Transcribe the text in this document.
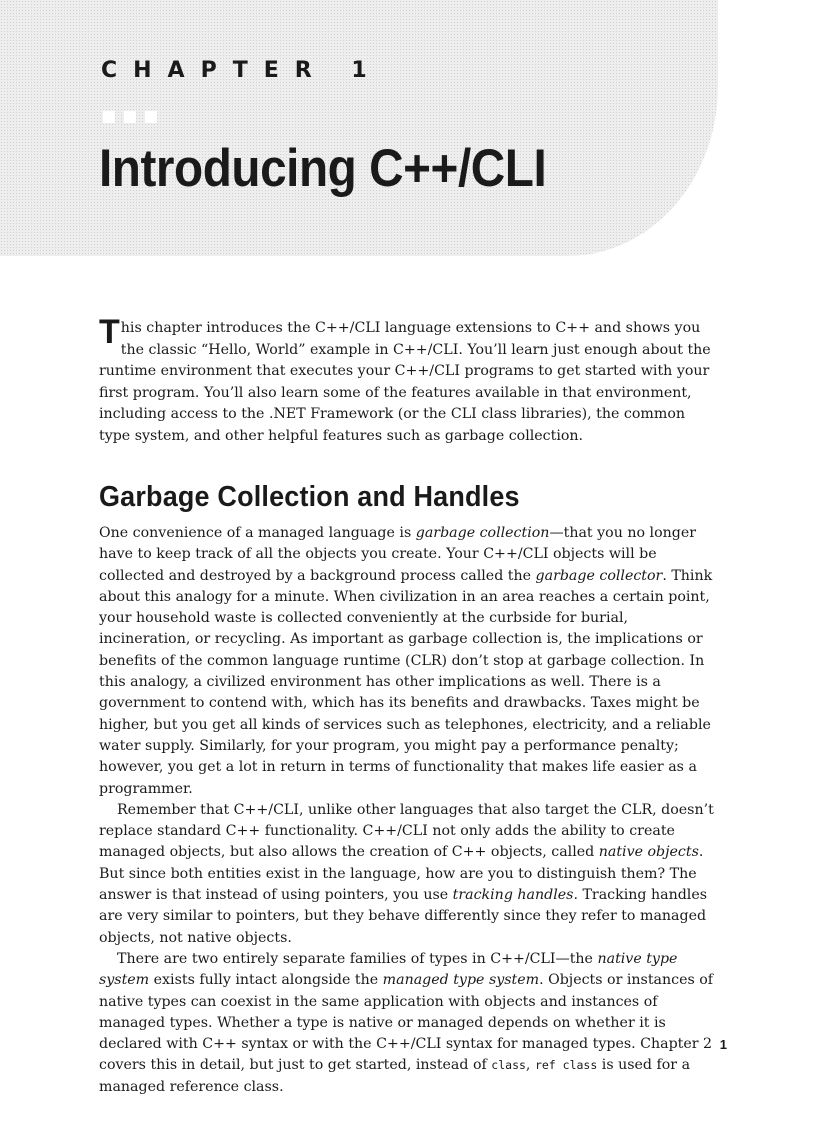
CHAPTER 1
Introducing C++/CLI

This chapter introduces the C++/CLI language extensions to C++ and shows you the classic “Hello, World” example in C++/CLI. You’ll learn just enough about the runtime environment that executes your C++/CLI programs to get started with your first program. You’ll also learn some of the features available in that environment, including access to the .NET Framework (or the CLI class libraries), the common type system, and other helpful features such as garbage collection.

Garbage Collection and Handles

One convenience of a managed language is garbage collection—that you no longer have to keep track of all the objects you create. Your C++/CLI objects will be collected and destroyed by a background process called the garbage collector. Think about this analogy for a minute. When civilization in an area reaches a certain point, your household waste is collected conveniently at the curbside for burial, incineration, or recycling. As important as garbage collection is, the implications or benefits of the common language runtime (CLR) don’t stop at garbage collection. In this analogy, a civilized environment has other implications as well. There is a government to contend with, which has its benefits and drawbacks. Taxes might be higher, but you get all kinds of services such as telephones, electricity, and a reliable water supply. Similarly, for your program, you might pay a performance penalty; however, you get a lot in return in terms of functionality that makes life easier as a programmer.

Remember that C++/CLI, unlike other languages that also target the CLR, doesn’t replace standard C++ functionality. C++/CLI not only adds the ability to create managed objects, but also allows the creation of C++ objects, called native objects. But since both entities exist in the language, how are you to distinguish them? The answer is that instead of using pointers, you use tracking handles. Tracking handles are very similar to pointers, but they behave differently since they refer to managed objects, not native objects.

There are two entirely separate families of types in C++/CLI—the native type system exists fully intact alongside the managed type system. Objects or instances of native types can coexist in the same application with objects and instances of managed types. Whether a type is native or managed depends on whether it is declared with C++ syntax or with the C++/CLI syntax for managed types. Chapter 2 covers this in detail, but just to get started, instead of class, ref class is used for a managed reference class.

1
